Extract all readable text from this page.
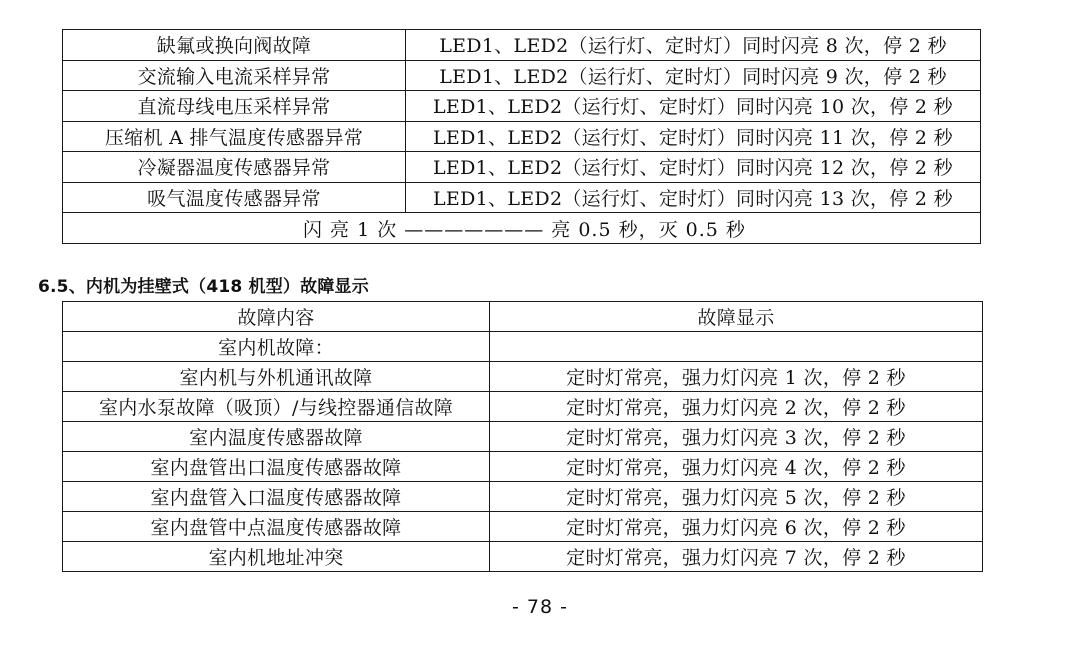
缺氟或换向阀故障	LED1、LED2（运行灯、定时灯）同时闪亮 8 次，停 2 秒
交流输入电流采样异常	LED1、LED2（运行灯、定时灯）同时闪亮 9 次，停 2 秒
直流母线电压采样异常	LED1、LED2（运行灯、定时灯）同时闪亮 10 次，停 2 秒
压缩机 A 排气温度传感器异常	LED1、LED2（运行灯、定时灯）同时闪亮 11 次，停 2 秒
冷凝器温度传感器异常	LED1、LED2（运行灯、定时灯）同时闪亮 12 次，停 2 秒
吸气温度传感器异常	LED1、LED2（运行灯、定时灯）同时闪亮 13 次，停 2 秒
闪 亮 1 次 ——————— 亮 0.5 秒，灭 0.5 秒	
6.5、内机为挂壁式（418 机型）故障显示
故障内容	故障显示
室内机故障：	
室内机与外机通讯故障	定时灯常亮，强力灯闪亮 1 次，停 2 秒
室内水泵故障（吸顶）/与线控器通信故障	定时灯常亮，强力灯闪亮 2 次，停 2 秒
室内温度传感器故障	定时灯常亮，强力灯闪亮 3 次，停 2 秒
室内盘管出口温度传感器故障	定时灯常亮，强力灯闪亮 4 次，停 2 秒
室内盘管入口温度传感器故障	定时灯常亮，强力灯闪亮 5 次，停 2 秒
室内盘管中点温度传感器故障	定时灯常亮，强力灯闪亮 6 次，停 2 秒
室内机地址冲突	定时灯常亮，强力灯闪亮 7 次，停 2 秒
- 78 -
